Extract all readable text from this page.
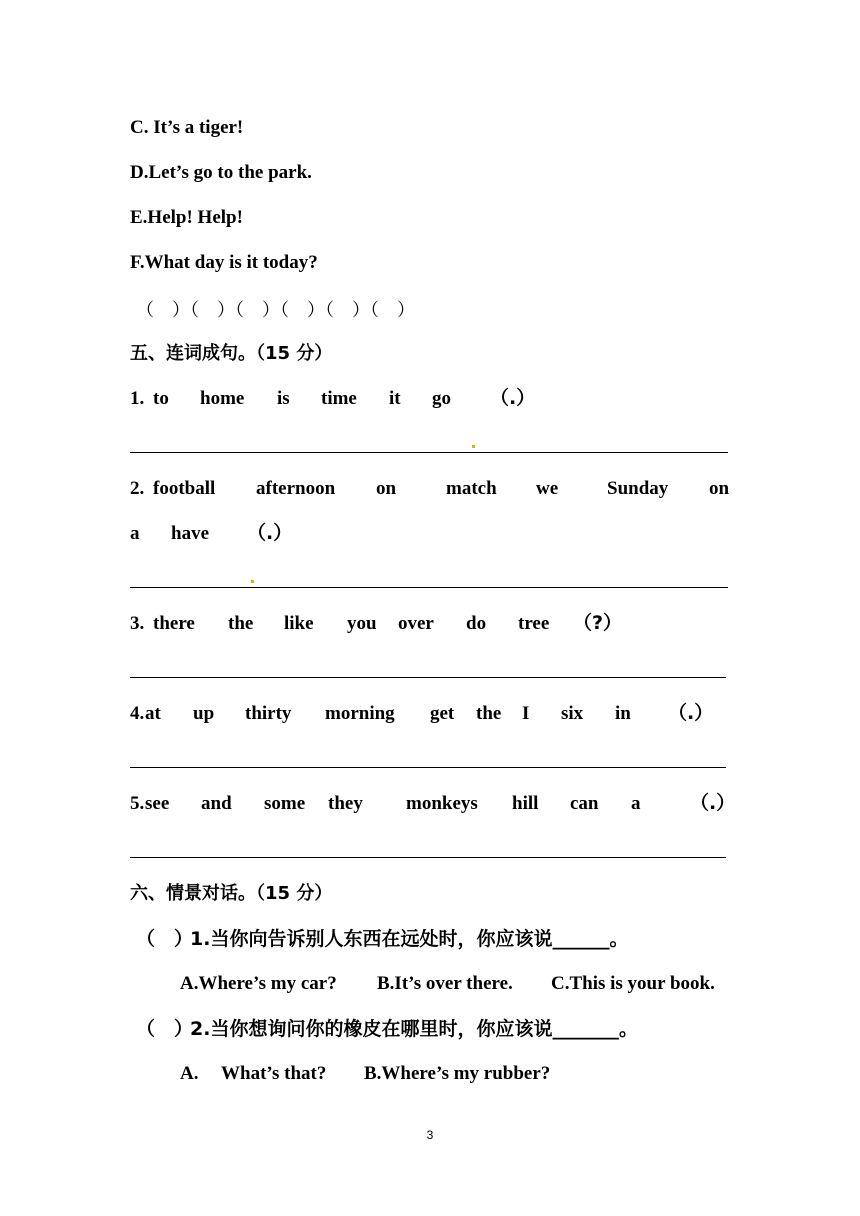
C. It’s a tiger!
D.Let’s go to the park.
E.Help! Help!
F.What day is it today?
（　）（　）（　）（　）（　）（　）
五、连词成句。（15 分）
1. to home is time it go （.）
2. football afternoon on	match we	Sunday on
a have （.）
3. there the like you over do tree （?）
4. at up thirty morning get the I six in （.）
5. see and some they monkeys hill can a	（.）
六、情景对话。（15 分）
（　）
1.当你向告诉别人东西在远处时，你应该说______。
A.Where’s my car? B.It’s over there. C.This is your book.
（　）
2.当你想询问你的橡皮在哪里时，你应该说_______。
A. What’s that? B.Where’s my rubber?
3
